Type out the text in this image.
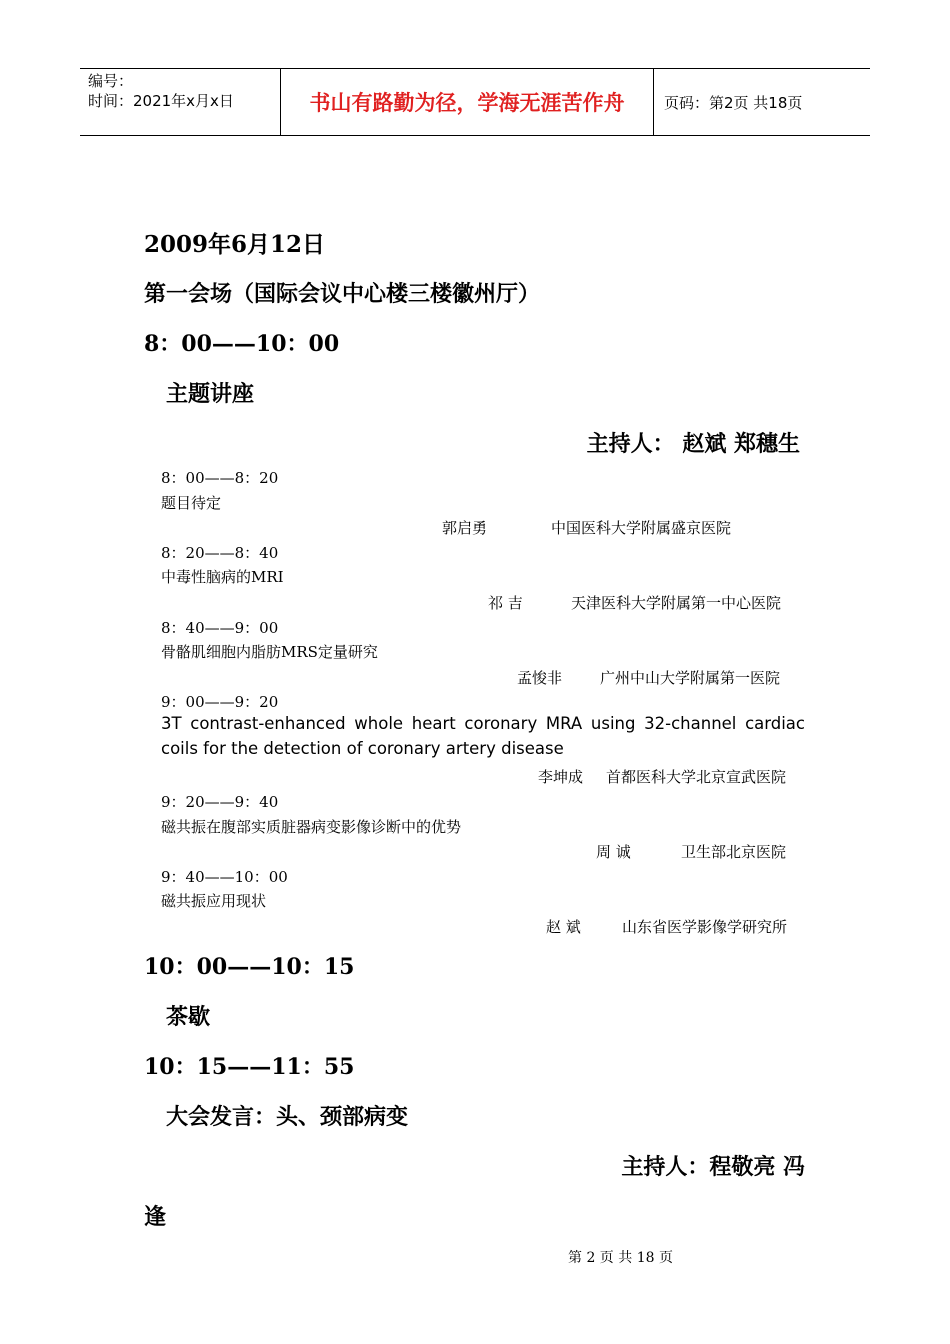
编号：
时间：2021年x月x日	书山有路勤为径，学海无涯苦作舟	页码：第2页 共18页
2009年6月12日
第一会场（国际会议中心楼三楼徽州厅）
8：00——10：00
主题讲座
主持人： 赵斌 郑穗生
8：00——8：20
题目待定
郭启勇	中国医科大学附属盛京医院
8：20——8：40
中毒性脑病的MRI
祁 吉	天津医科大学附属第一中心医院
8：40——9：00
骨骼肌细胞内脂肪MRS定量研究
孟悛非	广州中山大学附属第一医院
9：00——9：20
3T contrast-enhanced whole heart coronary MRA using 32-channel cardiac
coils for the detection of coronary artery disease
李坤成 首都医科大学北京宣武医院
9：20——9：40
磁共振在腹部实质脏器病变影像诊断中的优势
周 诚	卫生部北京医院
9：40——10：00
磁共振应用现状
赵 斌	山东省医学影像学研究所
10：00——10：15
茶歇
10：15——11：55
大会发言：头、颈部病变
主持人：程敬亮 冯
逢
第 2 页 共 18 页
